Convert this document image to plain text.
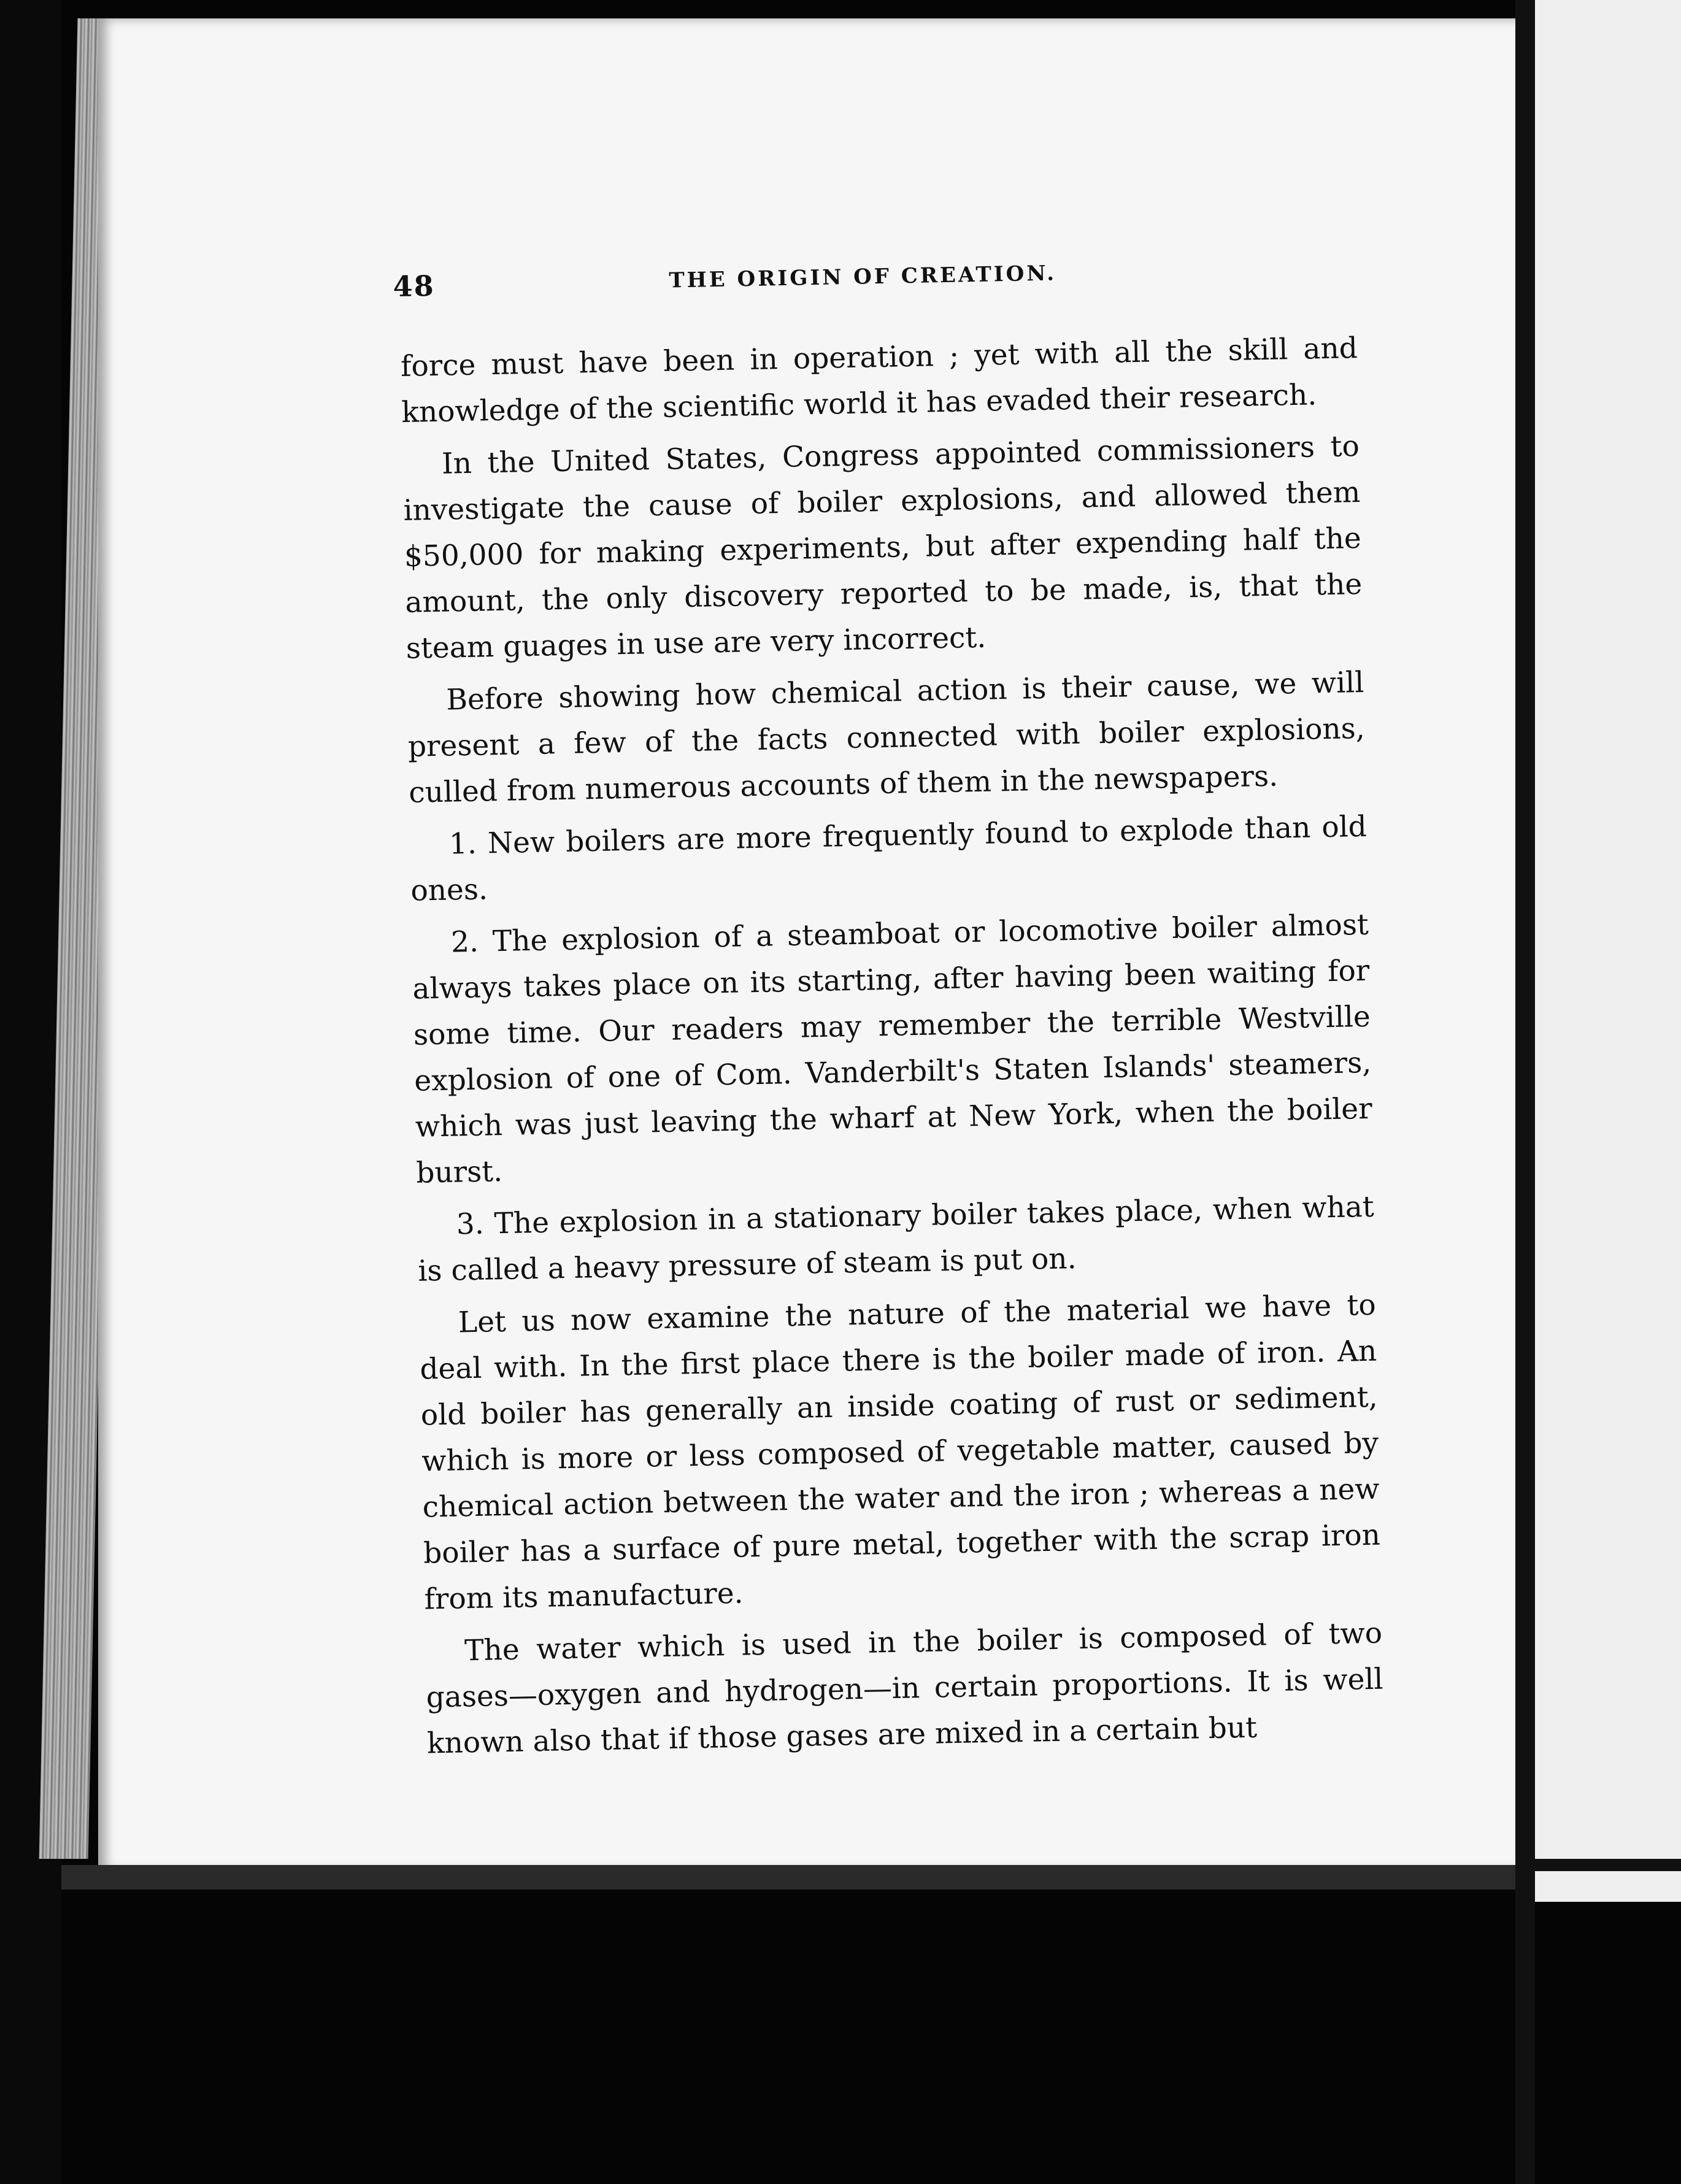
48	THE ORIGIN OF CREATION.

force must have been in operation ; yet with all the skill and knowledge of the scientific world it has evaded their research.

In the United States, Congress appointed commissioners to investigate the cause of boiler explosions, and allowed them $50,000 for making experiments, but after expending half the amount, the only discovery reported to be made, is, that the steam guages in use are very incorrect.

Before showing how chemical action is their cause, we will present a few of the facts connected with boiler explosions, culled from numerous accounts of them in the newspapers.

1. New boilers are more frequently found to explode than old ones.

2. The explosion of a steamboat or locomotive boiler almost always takes place on its starting, after having been waiting for some time. Our readers may remember the terrible Westville explosion of one of Com. Vanderbilt's Staten Islands' steamers, which was just leaving the wharf at New York, when the boiler burst.

3. The explosion in a stationary boiler takes place, when what is called a heavy pressure of steam is put on.

Let us now examine the nature of the material we have to deal with. In the first place there is the boiler made of iron. An old boiler has generally an inside coating of rust or sediment, which is more or less composed of vegetable matter, caused by chemical action between the water and the iron ; whereas a new boiler has a surface of pure metal, together with the scrap iron from its manufacture.

The water which is used in the boiler is composed of two gases—oxygen and hydrogen—in certain proportions. It is well known also that if those gases are mixed in a certain but
